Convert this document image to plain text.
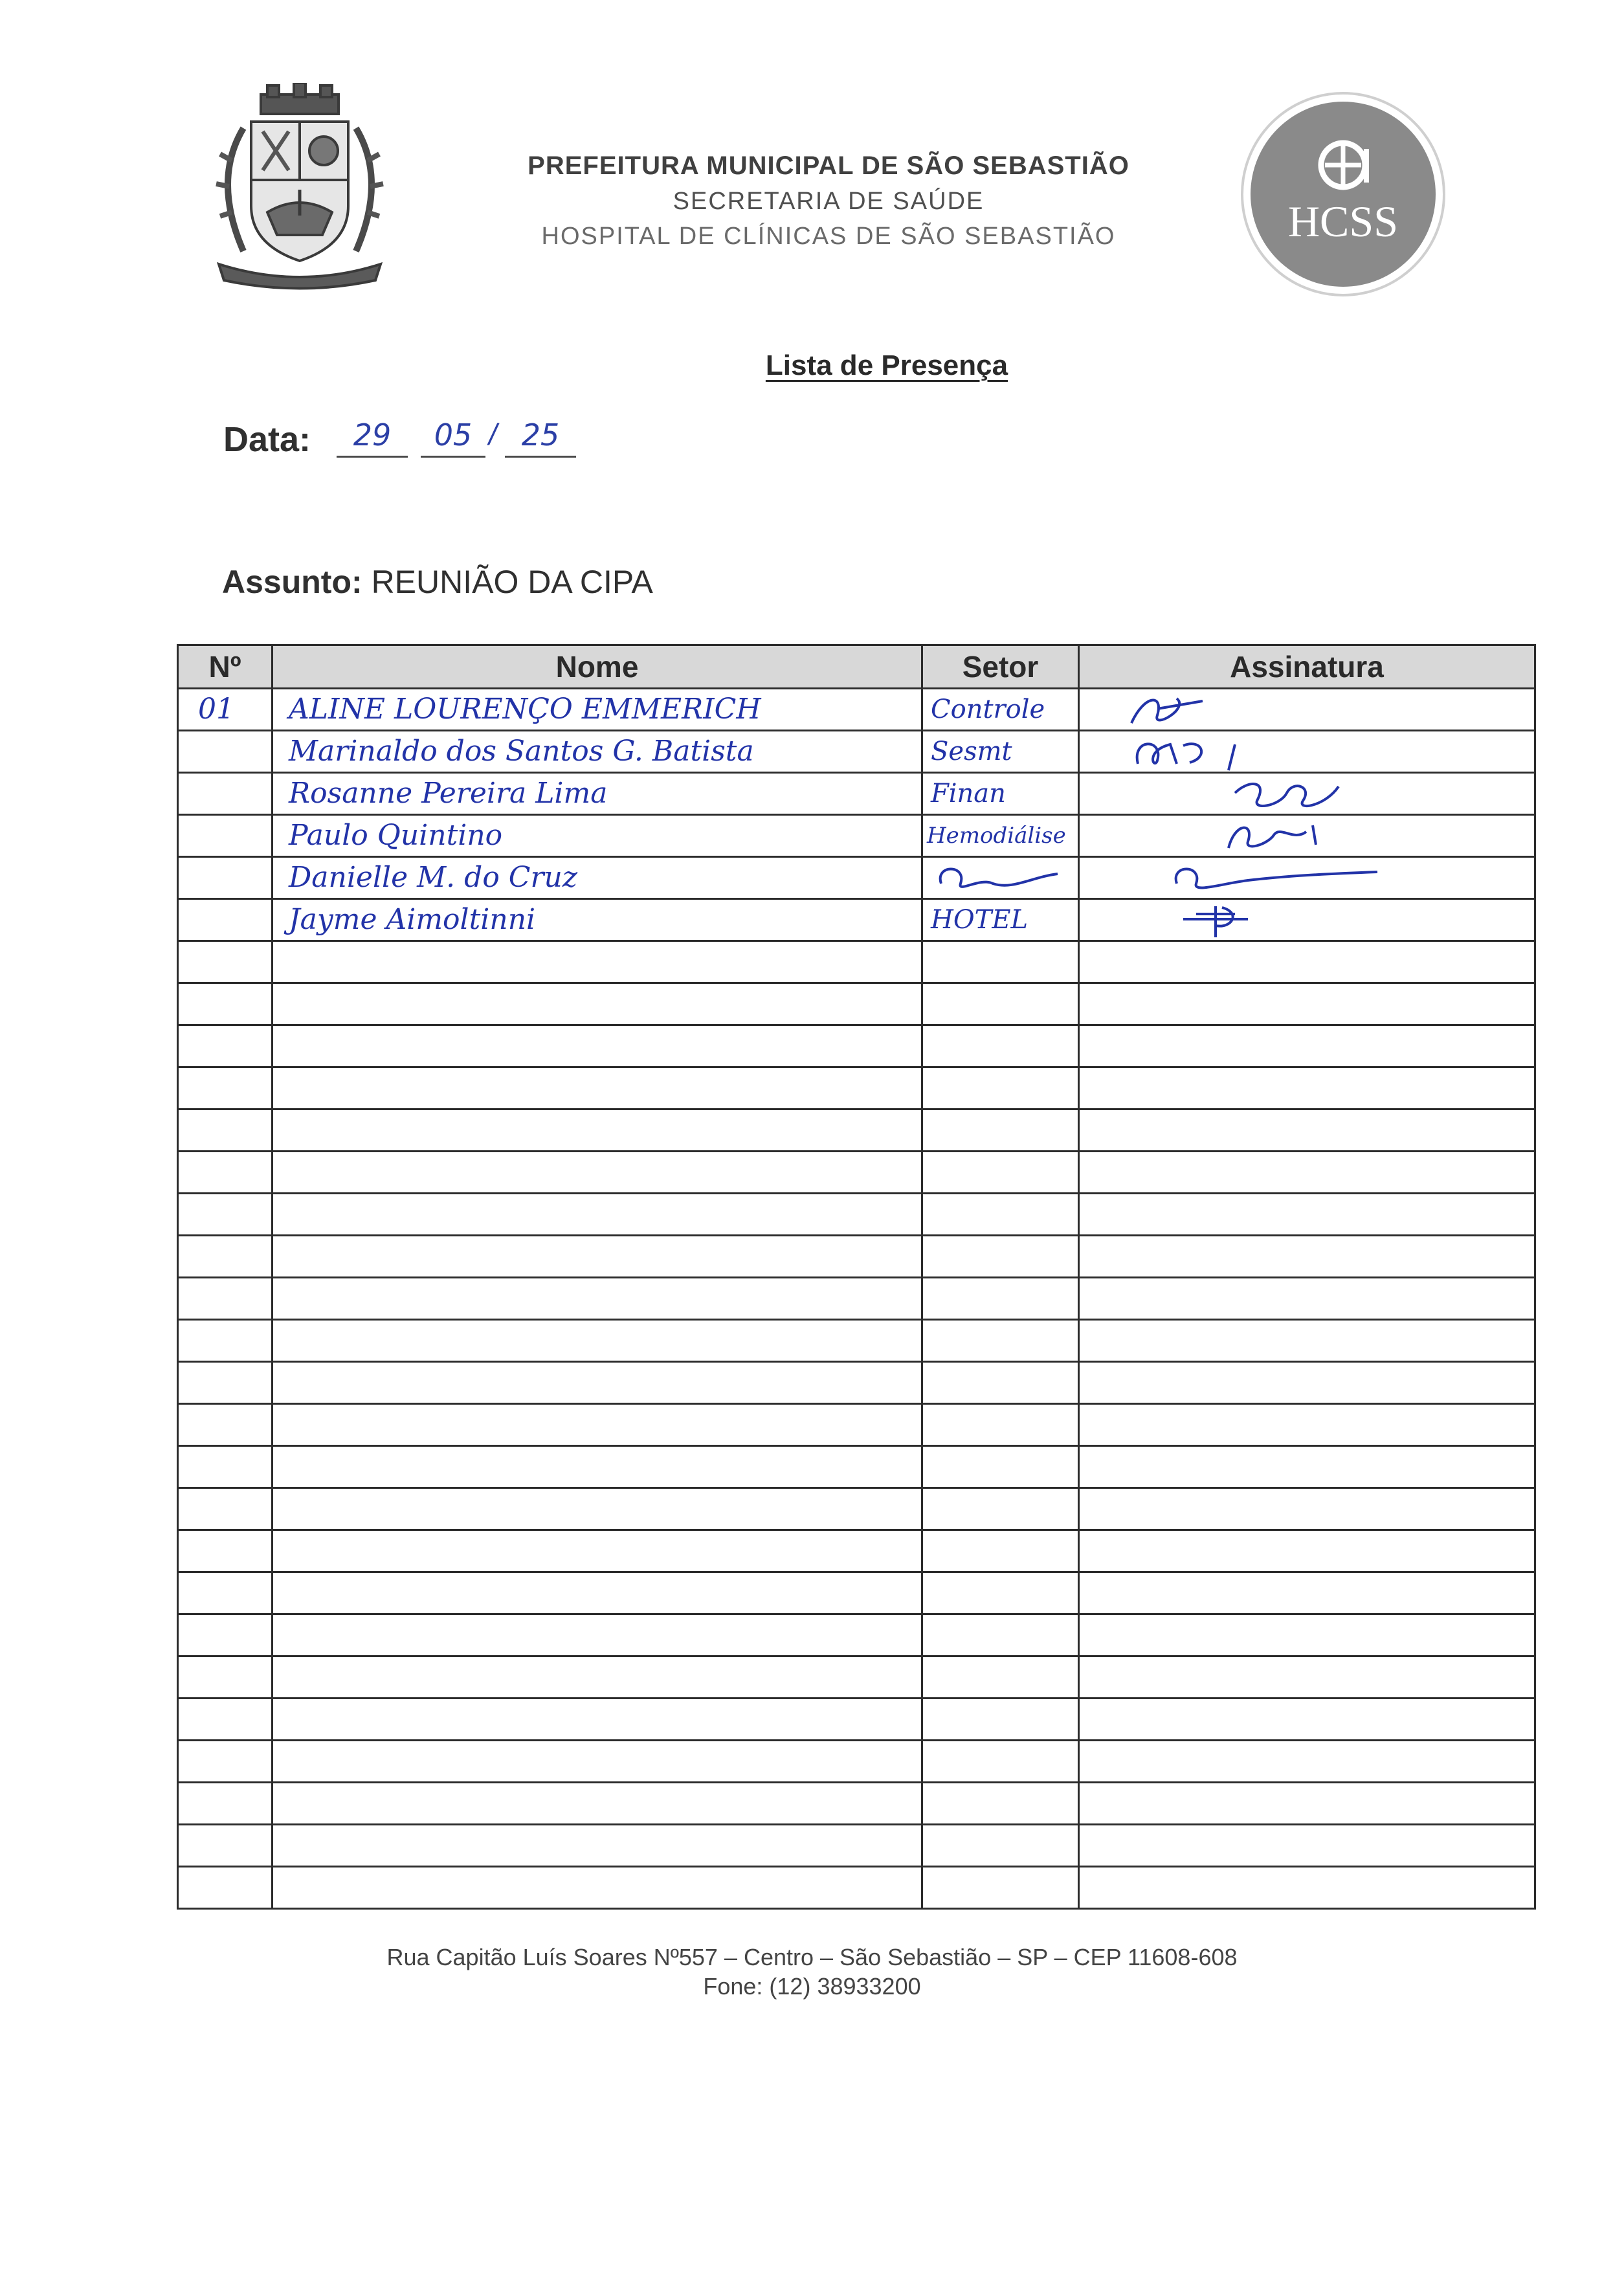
PREFEITURA MUNICIPAL DE SÃO SEBASTIÃO
SECRETARIA DE SAÚDE
HOSPITAL DE CLÍNICAS DE SÃO SEBASTIÃO	HCSS
Lista de Presença
Data:	29	05 / 25
Assunto: REUNIÃO DA CIPA
Nº	Nome	Setor	Assinatura

01	ALINE LOURENÇO EMMERICH	Controle

	Marinaldo dos Santos G. Batista	Sesmt

	Rosanne Pereira Lima	Finan

	Paulo Quintino	Hemodiálise

	Danielle M. do Cruz

	Jayme Aimoltinni	HOTEL

Rua Capitão Luís Soares Nº557 – Centro – São Sebastião – SP – CEP 11608-608
Fone: (12) 38933200
